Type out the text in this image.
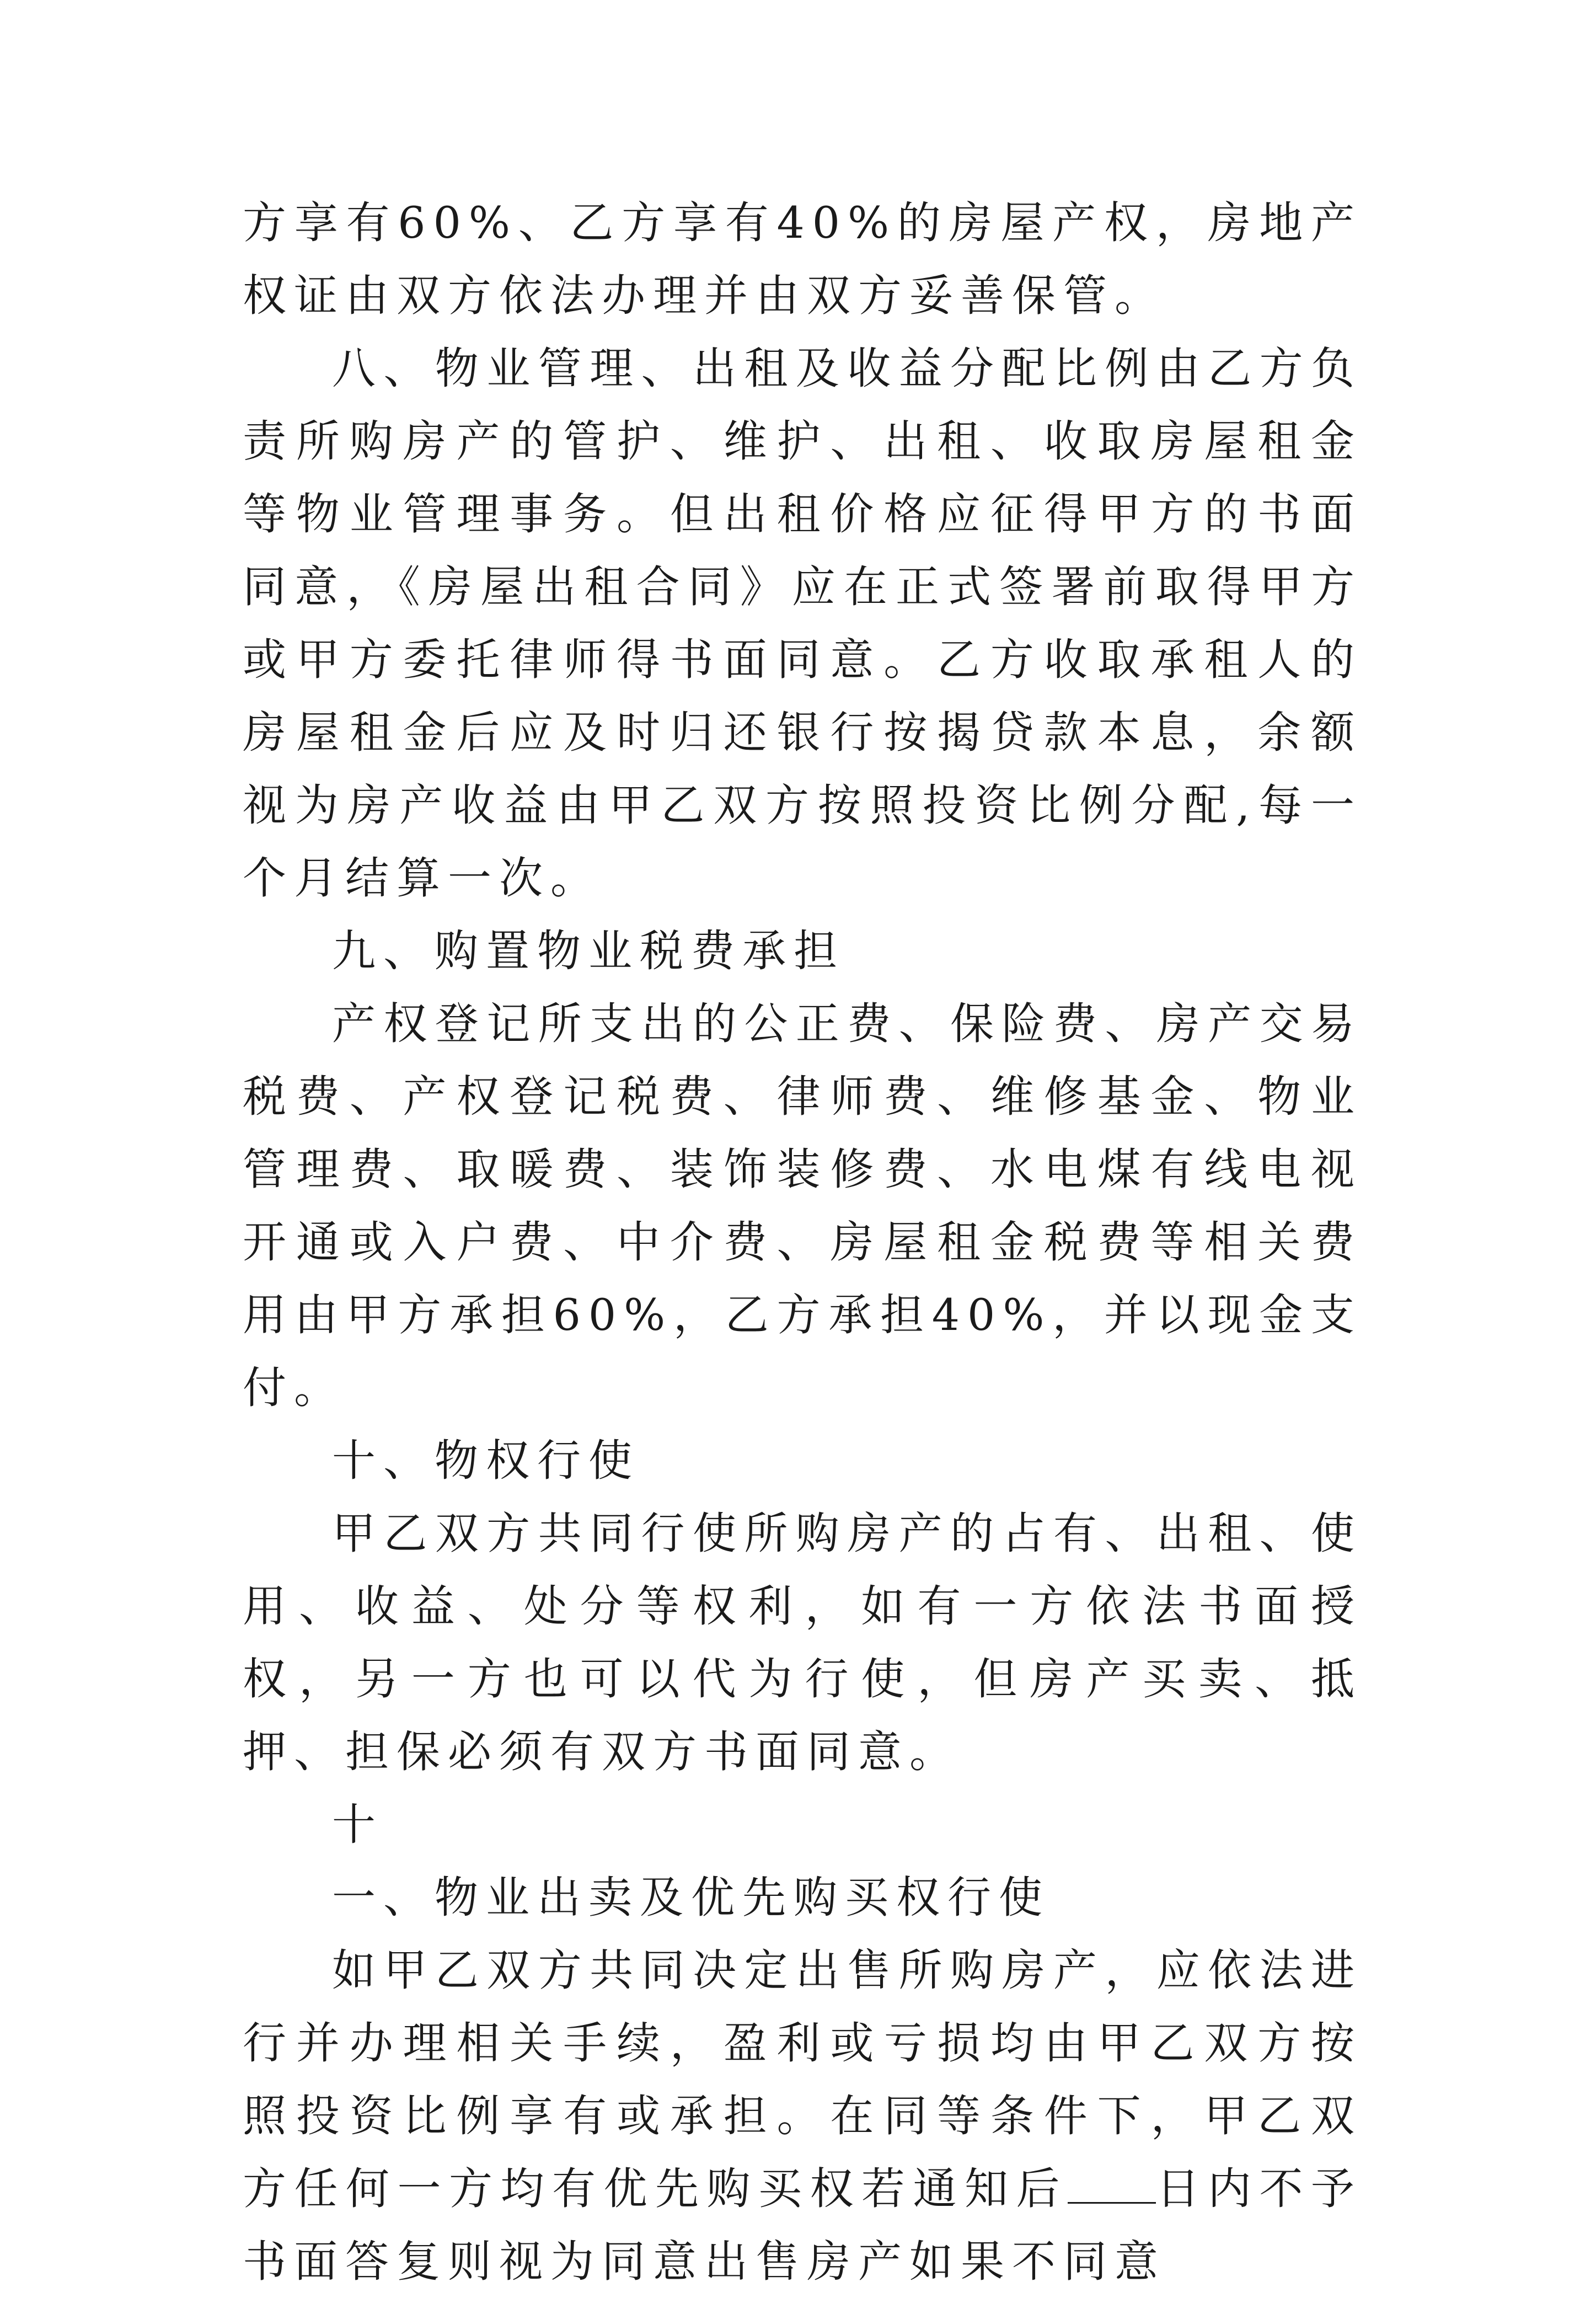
方享有60%、乙方享有40%的房屋产权，房地产权证由双方依法办理并由双方妥善保管。

八、物业管理、出租及收益分配比例由乙方负责所购房产的管护、维护、出租、收取房屋租金等物业管理事务。但出租价格应征得甲方的书面同意，《房屋出租合同》应在正式签署前取得甲方或甲方委托律师得书面同意。乙方收取承租人的房屋租金后应及时归还银行按揭贷款本息，余额视为房产收益由甲乙双方按照投资比例分配,每一个月结算一次。

九、购置物业税费承担

产权登记所支出的公正费、保险费、房产交易税费、产权登记税费、律师费、维修基金、物业管理费、取暖费、装饰装修费、水电煤有线电视开通或入户费、中介费、房屋租金税费等相关费用由甲方承担60%，乙方承担40%，并以现金支付。

十、物权行使

甲乙双方共同行使所购房产的占有、出租、使用、收益、处分等权利，如有一方依法书面授权，另一方也可以代为行使，但房产买卖、抵押、担保必须有双方书面同意。

十

一、物业出卖及优先购买权行使

如甲乙双方共同决定出售所购房产，应依法进行并办理相关手续，盈利或亏损均由甲乙双方按照投资比例享有或承担。在同等条件下，甲乙双方任何一方均有优先购买权若通知后 日内不予书面答复则视为同意出售房产如果不同意
